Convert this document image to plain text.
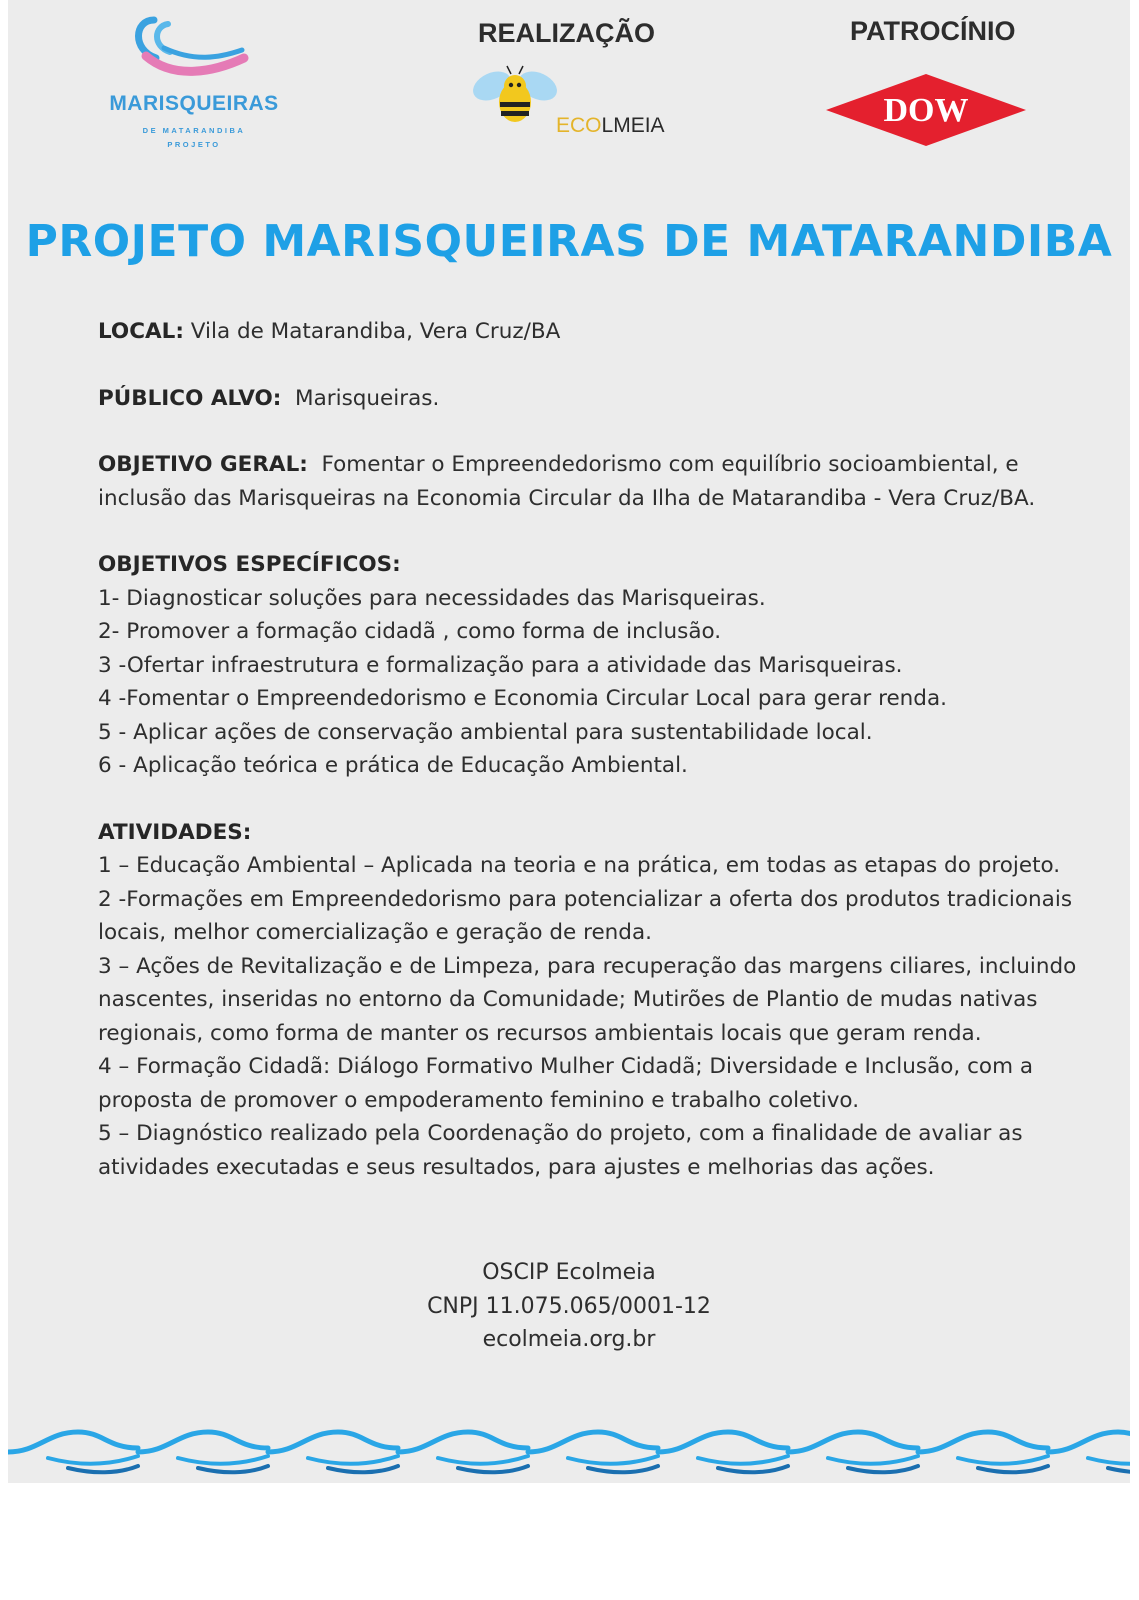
MARISQUEIRAS
DE MATARANDIBA
PROJETO
REALIZAÇÃO	PATROCÍNIO
ECOLMEIA	DOW
PROJETO MARISQUEIRAS DE MATARANDIBA

LOCAL: Vila de Matarandiba, Vera Cruz/BA

PÚBLICO ALVO: Marisqueiras.

OBJETIVO GERAL: Fomentar o Empreendedorismo com equilíbrio socioambiental, e inclusão das Marisqueiras na Economia Circular da Ilha de Matarandiba - Vera Cruz/BA.

OBJETIVOS ESPECÍFICOS:

1- Diagnosticar soluções para necessidades das Marisqueiras.

2- Promover a formação cidadã , como forma de inclusão.

3 -Ofertar infraestrutura e formalização para a atividade das Marisqueiras.

4 -Fomentar o Empreendedorismo e Economia Circular Local para gerar renda.

5 - Aplicar ações de conservação ambiental para sustentabilidade local.

6 - Aplicação teórica e prática de Educação Ambiental.

ATIVIDADES:

1 – Educação Ambiental – Aplicada na teoria e na prática, em todas as etapas do projeto.

2 -Formações em Empreendedorismo para potencializar a oferta dos produtos tradicionais locais, melhor comercialização e geração de renda.

3 – Ações de Revitalização e de Limpeza, para recuperação das margens ciliares, incluindo nascentes, inseridas no entorno da Comunidade; Mutirões de Plantio de mudas nativas regionais, como forma de manter os recursos ambientais locais que geram renda.

4 – Formação Cidadã: Diálogo Formativo Mulher Cidadã; Diversidade e Inclusão, com a proposta de promover o empoderamento feminino e trabalho coletivo.

5 – Diagnóstico realizado pela Coordenação do projeto, com a finalidade de avaliar as atividades executadas e seus resultados, para ajustes e melhorias das ações.

OSCIP Ecolmeia
CNPJ 11.075.065/0001-12
ecolmeia.org.br
